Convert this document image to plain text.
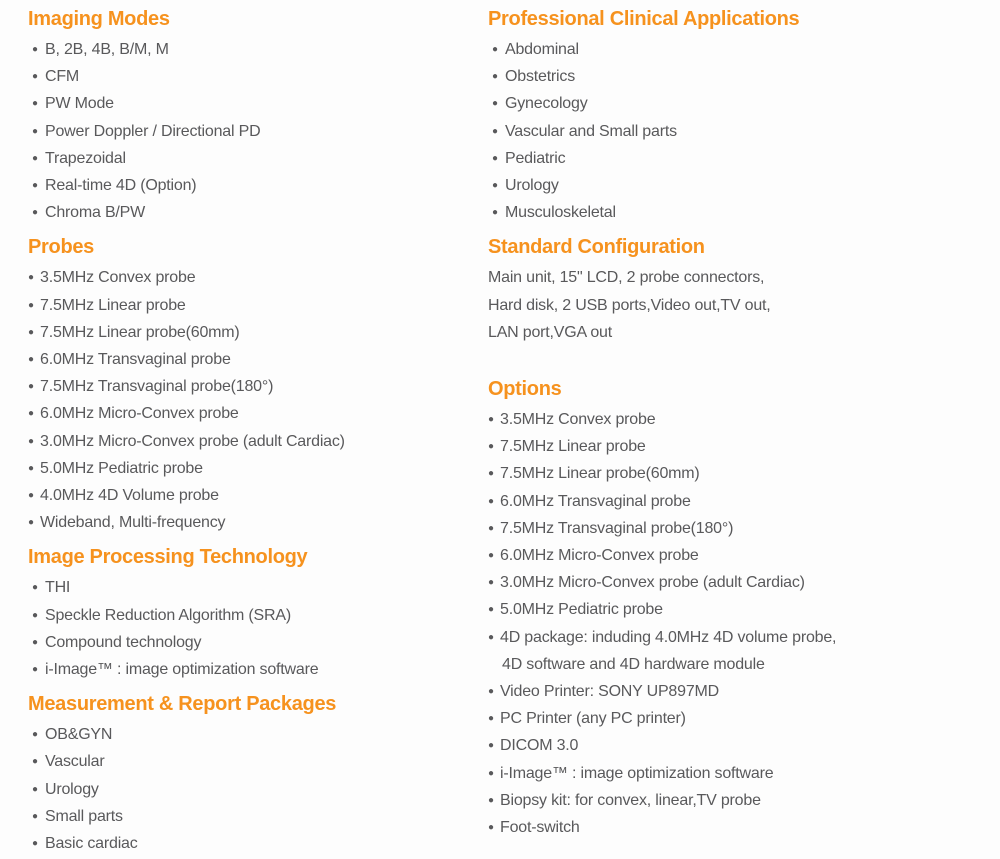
Imaging Modes
● B, 2B, 4B, B/M, M
● CFM
● PW Mode
● Power Doppler / Directional PD
● Trapezoidal
● Real-time 4D (Option)
● Chroma B/PW
Probes
● 3.5MHz Convex probe
● 7.5MHz Linear probe
● 7.5MHz Linear probe(60mm)
● 6.0MHz Transvaginal probe
● 7.5MHz Transvaginal probe(180°)
● 6.0MHz Micro-Convex probe
● 3.0MHz Micro-Convex probe (adult Cardiac)
● 5.0MHz Pediatric probe
● 4.0MHz 4D Volume probe
● Wideband, Multi-frequency
Image Processing Technology
● THI
● Speckle Reduction Algorithm (SRA)
● Compound technology
● i-Image™ : image optimization software
Measurement & Report Packages
● OB&GYN
● Vascular
● Urology
● Small parts
● Basic cardiac
Professional Clinical Applications
● Abdominal
● Obstetrics
● Gynecology
● Vascular and Small parts
● Pediatric
● Urology
● Musculoskeletal
Standard Configuration
Main unit, 15" LCD, 2 probe connectors,
Hard disk, 2 USB ports,Video out,TV out,
LAN port,VGA out
Options
● 3.5MHz Convex probe
● 7.5MHz Linear probe
● 7.5MHz Linear probe(60mm)
● 6.0MHz Transvaginal probe
● 7.5MHz Transvaginal probe(180°)
● 6.0MHz Micro-Convex probe
● 3.0MHz Micro-Convex probe (adult Cardiac)
● 5.0MHz Pediatric probe
● 4D package: induding 4.0MHz 4D volume probe,
4D software and 4D hardware module
● Video Printer: SONY UP897MD
● PC Printer (any PC printer)
● DICOM 3.0
● i-Image™ : image optimization software
● Biopsy kit: for convex, linear,TV probe
● Foot-switch
